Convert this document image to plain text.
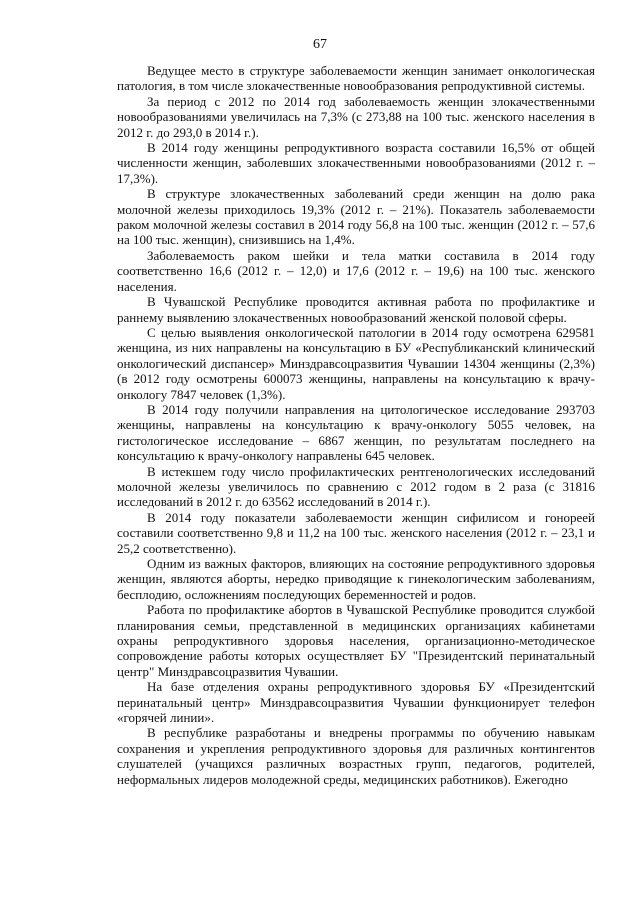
67

Ведущее место в структуре заболеваемости женщин занимает онкологическая патология, в том числе злокачественные новообразования репродуктивной системы.

За период с 2012 по 2014 год заболеваемость женщин злокачественными новообразованиями увеличилась на 7,3% (с 273,88 на 100 тыс. женского населения в 2012 г. до 293,0 в 2014 г.).

В 2014 году женщины репродуктивного возраста составили 16,5% от общей численности женщин, заболевших злокачественными новообразованиями (2012 г. – 17,3%).

В структуре злокачественных заболеваний среди женщин на долю рака молочной железы приходилось 19,3% (2012 г. – 21%). Показатель заболеваемости раком молочной железы составил в 2014 году 56,8 на 100 тыс. женщин (2012 г. – 57,6 на 100 тыс. женщин), снизившись на 1,4%.

Заболеваемость раком шейки и тела матки составила в 2014 году соответственно 16,6 (2012 г. – 12,0) и 17,6 (2012 г. – 19,6) на 100 тыс. женского населения.

В Чувашской Республике проводится активная работа по профилактике и раннему выявлению злокачественных новообразований женской половой сферы.

С целью выявления онкологической патологии в 2014 году осмотрена 629581 женщина, из них направлены на консультацию в БУ «Республиканский клинический онкологический диспансер» Минздравсоцразвития Чувашии 14304 женщины (2,3%) (в 2012 году осмотрены 600073 женщины, направлены на консультацию к врачу-онкологу 7847 человек (1,3%).

В 2014 году получили направления на цитологическое исследование 293703 женщины, направлены на консультацию к врачу-онкологу 5055 человек, на гистологическое исследование – 6867 женщин, по результатам последнего на консультацию к врачу-онкологу направлены 645 человек.

В истекшем году число профилактических рентгенологических исследований молочной железы увеличилось по сравнению с 2012 годом в 2 раза (с 31816 исследований в 2012 г. до 63562 исследований в 2014 г.).

В 2014 году показатели заболеваемости женщин сифилисом и гонореей составили соответственно 9,8 и 11,2 на 100 тыс. женского населения (2012 г. – 23,1 и 25,2 соответственно).

Одним из важных факторов, влияющих на состояние репродуктивного здоровья женщин, являются аборты, нередко приводящие к гинекологическим заболеваниям, бесплодию, осложнениям последующих беременностей и родов.

Работа по профилактике абортов в Чувашской Республике проводится службой планирования семьи, представленной в медицинских организациях кабинетами охраны репродуктивного здоровья населения, организационно-методическое сопровождение работы которых осуществляет БУ "Президентский перинатальный центр" Минздравсоцразвития Чувашии.

На базе отделения охраны репродуктивного здоровья БУ «Президентский перинатальный центр» Минздравсоцразвития Чувашии функционирует телефон «горячей линии».

В республике разработаны и внедрены программы по обучению навыкам сохранения и укрепления репродуктивного здоровья для различных контингентов слушателей (учащихся различных возрастных групп, педагогов, родителей, неформальных лидеров молодежной среды, медицинских работников). Ежегодно
